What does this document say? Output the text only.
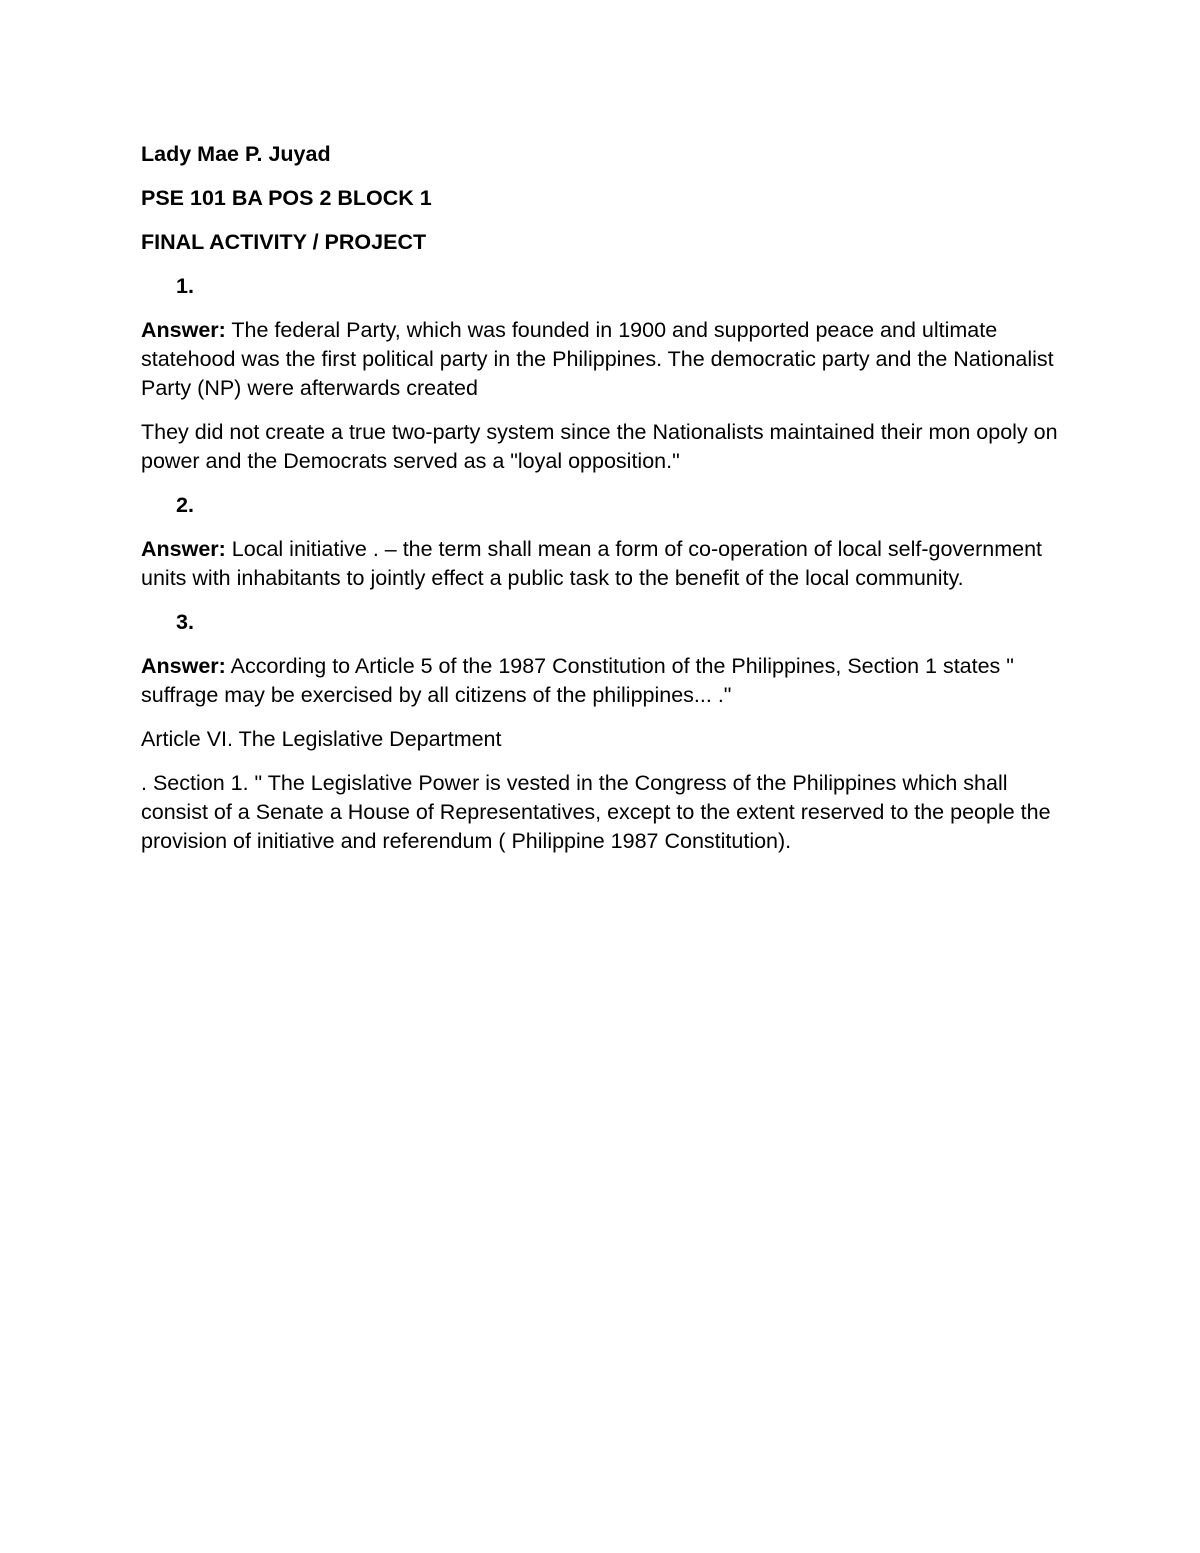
Lady Mae P. Juyad

PSE 101 BA POS 2 BLOCK 1

FINAL ACTIVITY / PROJECT

1.

Answer: The federal Party, which was founded in 1900 and supported peace and ultimate statehood was the first political party in the Philippines. The democratic party and the Nationalist Party (NP) were afterwards created

They did not create a true two-party system since the Nationalists maintained their mon opoly on power and the Democrats served as a "loyal opposition."

2.

Answer: Local initiative . – the term shall mean a form of co-operation of local self-government units with inhabitants to jointly effect a public task to the benefit of the local community.

3.

Answer: According to Article 5 of the 1987 Constitution of the Philippines, Section 1 states " suffrage may be exercised by all citizens of the philippines... ."

Article VI. The Legislative Department

. Section 1. " The Legislative Power is vested in the Congress of the Philippines which shall consist of a Senate a House of Representatives, except to the extent reserved to the people the provision of initiative and referendum ( Philippine 1987 Constitution).
